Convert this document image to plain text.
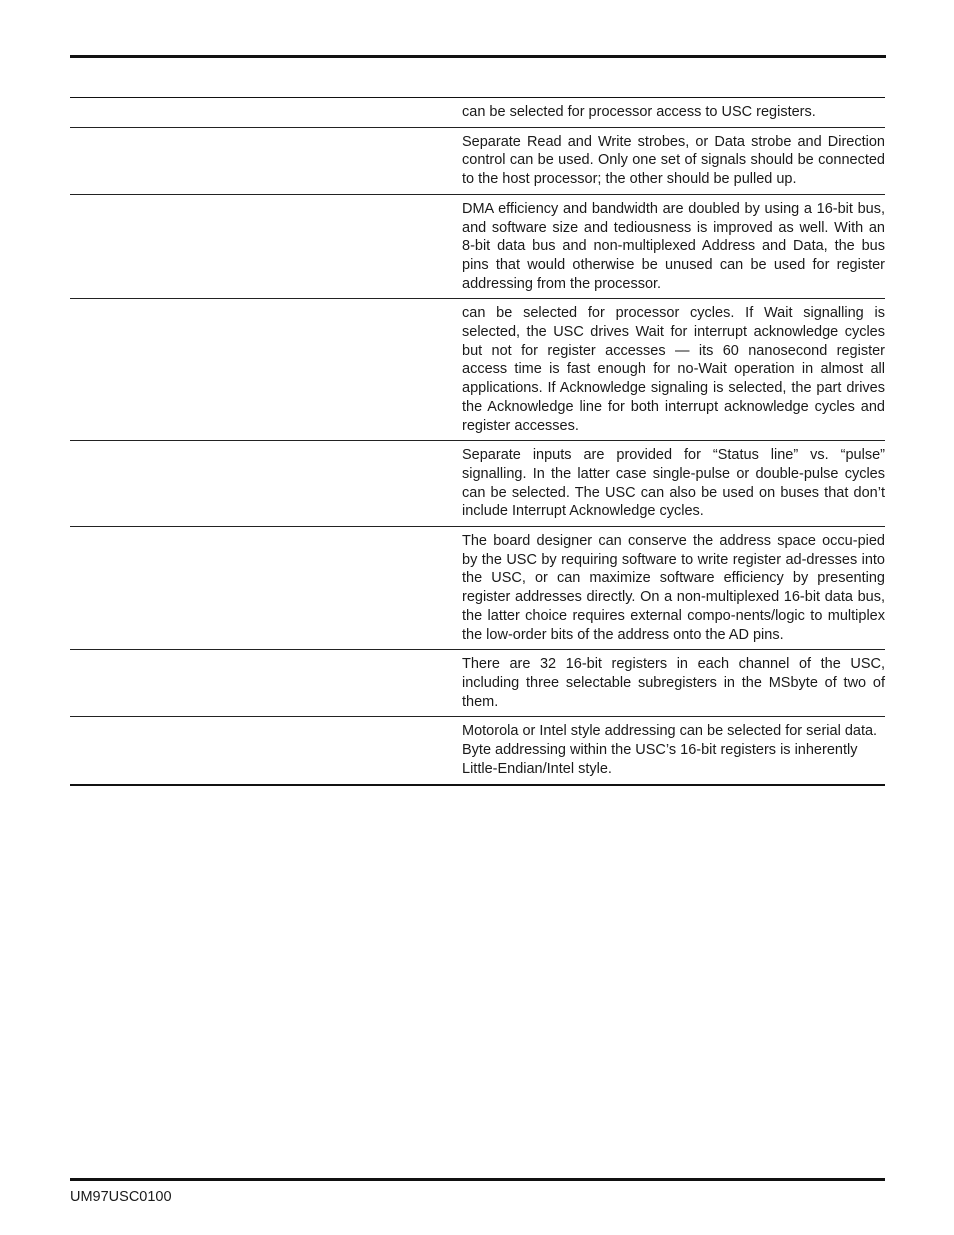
can be selected for processor access to USC registers.
Separate Read and Write strobes, or Data strobe and Direction control can be used. Only one set of signals should be connected to the host processor; the other should be pulled up.
DMA efficiency and bandwidth are doubled by using a 16-bit bus, and software size and tediousness is improved as well. With an 8-bit data bus and non-multiplexed Address and Data, the bus pins that would otherwise be unused can be used for register addressing from the processor.
can be selected for processor cycles. If Wait signalling is selected, the USC drives Wait for interrupt acknowledge cycles but not for register accesses — its 60 nanosecond register access time is fast enough for no-Wait operation in almost all applications. If Acknowledge signaling is selected, the part drives the Acknowledge line for both interrupt acknowledge cycles and register accesses.
Separate inputs are provided for “Status line” vs. “pulse” signalling. In the latter case single-pulse or double-pulse cycles can be selected. The USC can also be used on buses that don’t include Interrupt Acknowledge cycles.
The board designer can conserve the address space occu-pied by the USC by requiring software to write register ad-dresses into the USC, or can maximize software efficiency by presenting register addresses directly. On a non-multiplexed 16-bit data bus, the latter choice requires external compo-nents/logic to multiplex the low-order bits of the address onto the AD pins.
There are 32 16-bit registers in each channel of the USC, including three selectable subregisters in the MSbyte of two of them.
Motorola or Intel style addressing can be selected for serial data. Byte addressing within the USC’s 16-bit registers is inherently Little-Endian/Intel style.
UM97USC0100
